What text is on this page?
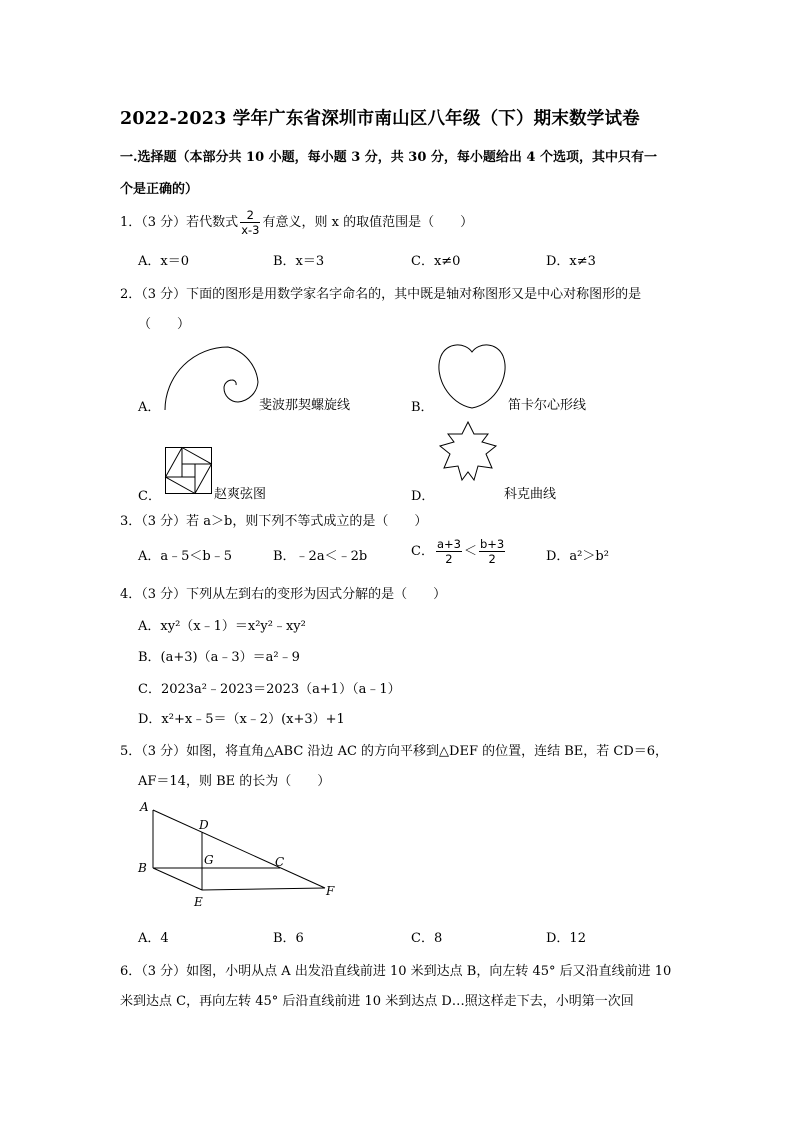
2022-2023 学年广东省深圳市南山区八年级（下）期末数学试卷
一.选择题（本部分共 10 小题，每小题 3 分，共 30 分，每小题给出 4 个选项，其中只有一
个是正确的）
1．（3 分）若代数式 $\frac{2}{x-3}$ 有意义，则 x 的取值范围是（　　）
A．x＝0	B．x＝3	C．x≠0	D．x≠3
2．（3 分）下面的图形是用数学家名字命名的，其中既是轴对称图形又是中心对称图形的是
（　　）
A．	斐波那契螺旋线	B．	笛卡尔心形线
C．	赵爽弦图	D．	科克曲线
3．（3 分）若 a＞b，则下列不等式成立的是（　　）
A．a﹣5＜b﹣5	B．﹣2a＜﹣2b	C． $\frac{a+3}{2} < \frac{b+3}{2}$	D．a²＞b²
4．（3 分）下列从左到右的变形为因式分解的是（　　）
A．xy²（x﹣1）＝x²y²﹣xy²
B．(a+3)（a﹣3）＝a²﹣9
C．2023a²﹣2023＝2023（a+1）（a﹣1）
D．x²+x﹣5＝（x﹣2）(x+3）+1
5．（3 分）如图，将直角△ABC 沿边 AC 的方向平移到△DEF 的位置，连结 BE，若 CD＝6，
AF＝14，则 BE 的长为（　　）
A
D
G	C
B
F
E
A．4	B．6	C．8	D．12
6．（3 分）如图，小明从点 A 出发沿直线前进 10 米到达点 B，向左转 45° 后又沿直线前进 10
米到达点 C，再向左转 45° 后沿直线前进 10 米到达点 D…照这样走下去，小明第一次回
